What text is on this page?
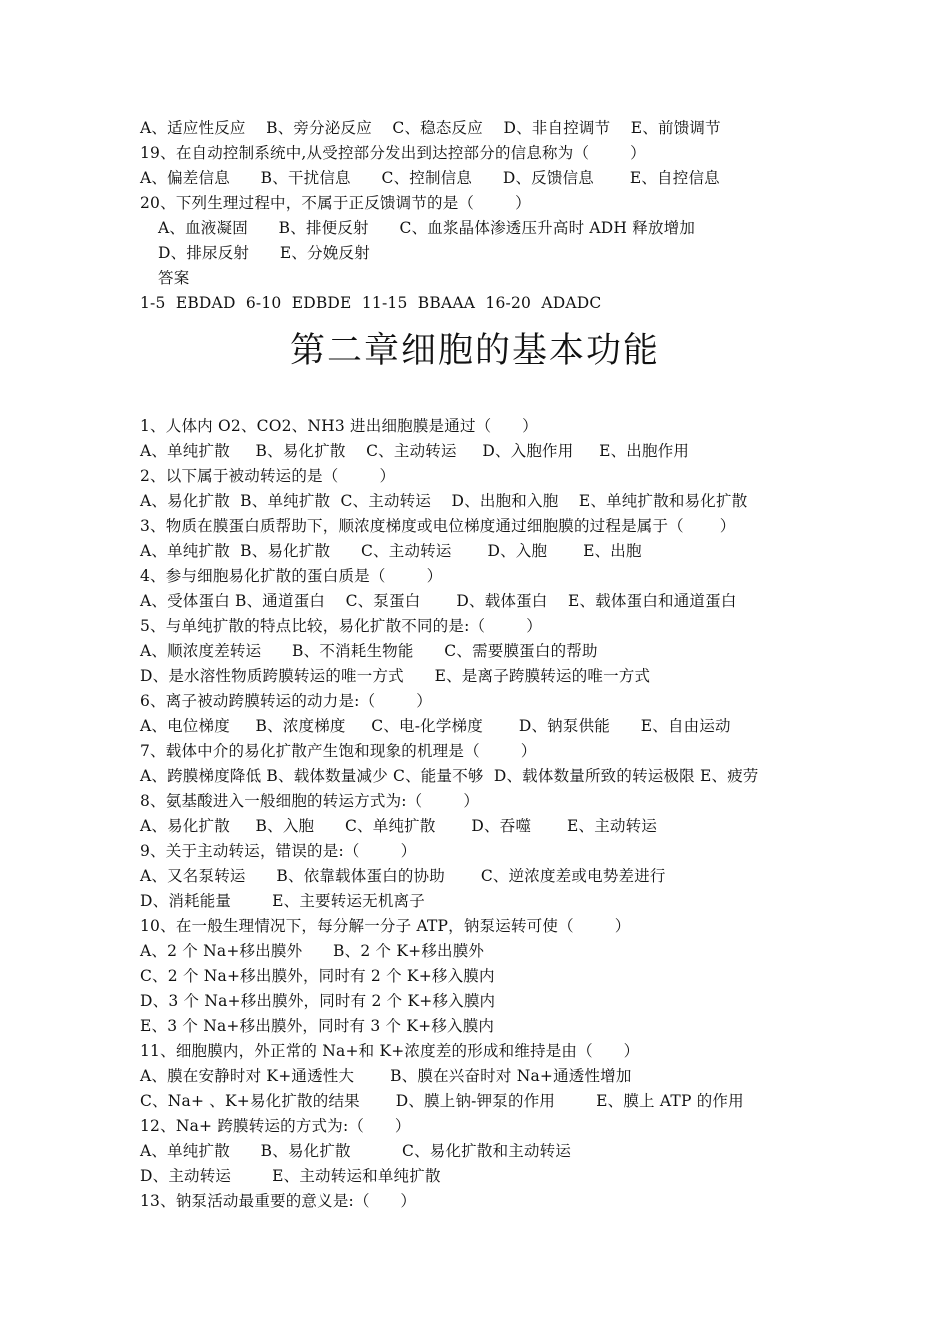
A、适应性反应    B、旁分泌反应    C、稳态反应    D、非自控调节    E、前馈调节
19、在自动控制系统中,从受控部分发出到达控部分的信息称为（        ）
A、偏差信息      B、干扰信息      C、控制信息      D、反馈信息       E、自控信息
20、下列生理过程中，不属于正反馈调节的是（        ）
A、血液凝固      B、排便反射      C、血浆晶体渗透压升高时 ADH 释放增加
D、排尿反射      E、分娩反射
答案
1-5  EBDAD  6-10  EDBDE  11-15  BBAAA  16-20  ADADC
第二章细胞的基本功能
1、人体内 O2、CO2、NH3 进出细胞膜是通过（      ）
A、单纯扩散     B、易化扩散    C、主动转运     D、入胞作用     E、出胞作用
2、以下属于被动转运的是（        ）
A、易化扩散  B、单纯扩散  C、主动转运    D、出胞和入胞    E、单纯扩散和易化扩散
3、物质在膜蛋白质帮助下，顺浓度梯度或电位梯度通过细胞膜的过程是属于（       ）
A、单纯扩散  B、易化扩散      C、主动转运       D、入胞       E、出胞
4、参与细胞易化扩散的蛋白质是（        ）
A、受体蛋白 B、通道蛋白    C、泵蛋白       D、载体蛋白    E、载体蛋白和通道蛋白
5、与单纯扩散的特点比较，易化扩散不同的是:（        ）
A、顺浓度差转运      B、不消耗生物能      C、需要膜蛋白的帮助
D、是水溶性物质跨膜转运的唯一方式      E、是离子跨膜转运的唯一方式
6、离子被动跨膜转运的动力是:（        ）
A、电位梯度     B、浓度梯度     C、电-化学梯度       D、钠泵供能      E、自由运动
7、载体中介的易化扩散产生饱和现象的机理是（        ）
A、跨膜梯度降低 B、载体数量减少 C、能量不够  D、载体数量所致的转运极限 E、疲劳
8、氨基酸进入一般细胞的转运方式为:（        ）
A、易化扩散     B、入胞      C、单纯扩散       D、吞噬       E、主动转运
9、关于主动转运，错误的是:（        ）
A、又名泵转运      B、依靠载体蛋白的协助       C、逆浓度差或电势差进行
D、消耗能量        E、主要转运无机离子
10、在一般生理情况下，每分解一分子 ATP，钠泵运转可使（        ）
A、2 个 Na+移出膜外      B、2 个 K+移出膜外
C、2 个 Na+移出膜外，同时有 2 个 K+移入膜内
D、3 个 Na+移出膜外，同时有 2 个 K+移入膜内
E、3 个 Na+移出膜外，同时有 3 个 K+移入膜内
11、细胞膜内，外正常的 Na+和 K+浓度差的形成和维持是由（      ）
A、膜在安静时对 K+通透性大       B、膜在兴奋时对 Na+通透性增加
C、Na+ 、K+易化扩散的结果       D、膜上钠-钾泵的作用        E、膜上 ATP 的作用
12、Na+ 跨膜转运的方式为:（      ）
A、单纯扩散      B、易化扩散          C、易化扩散和主动转运
D、主动转运        E、主动转运和单纯扩散
13、钠泵活动最重要的意义是:（      ）
